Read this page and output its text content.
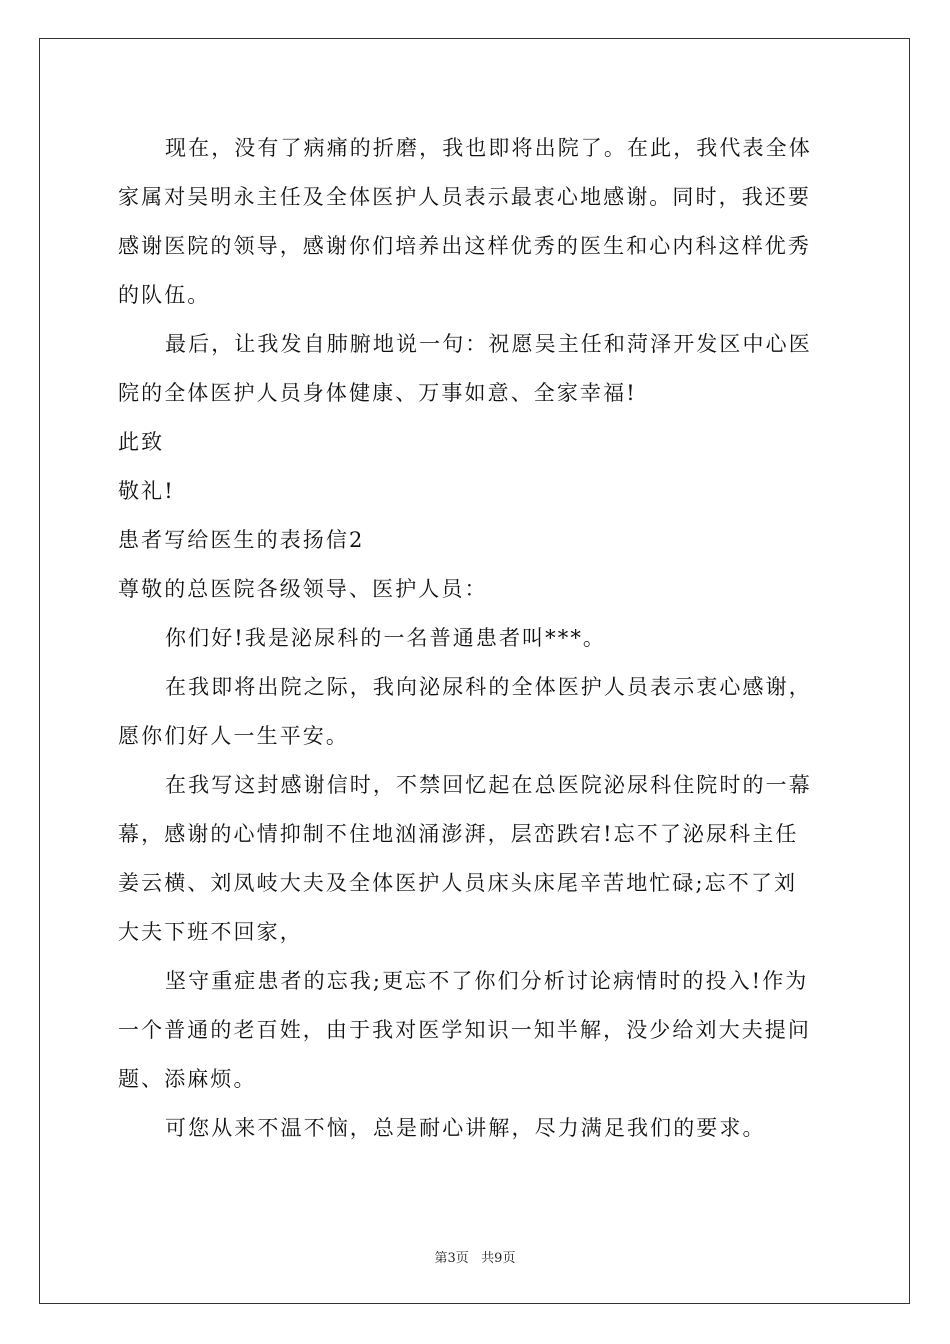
现在，没有了病痛的折磨，我也即将出院了。在此，我代表全体
家属对吴明永主任及全体医护人员表示最衷心地感谢。同时，我还要
感谢医院的领导，感谢你们培养出这样优秀的医生和心内科这样优秀
的队伍。
最后，让我发自肺腑地说一句：祝愿吴主任和菏泽开发区中心医
院的全体医护人员身体健康、万事如意、全家幸福!
此致
敬礼!
患者写给医生的表扬信2
尊敬的总医院各级领导、医护人员：
你们好!我是泌尿科的一名普通患者叫***。
在我即将出院之际，我向泌尿科的全体医护人员表示衷心感谢，
愿你们好人一生平安。
在我写这封感谢信时，不禁回忆起在总医院泌尿科住院时的一幕
幕，感谢的心情抑制不住地汹涌澎湃，层峦跌宕!忘不了泌尿科主任
姜云横、刘凤岐大夫及全体医护人员床头床尾辛苦地忙碌;忘不了刘
大夫下班不回家，
坚守重症患者的忘我;更忘不了你们分析讨论病情时的投入!作为
一个普通的老百姓，由于我对医学知识一知半解，没少给刘大夫提问
题、添麻烦。
可您从来不温不恼，总是耐心讲解，尽力满足我们的要求。
第3页   共9页
